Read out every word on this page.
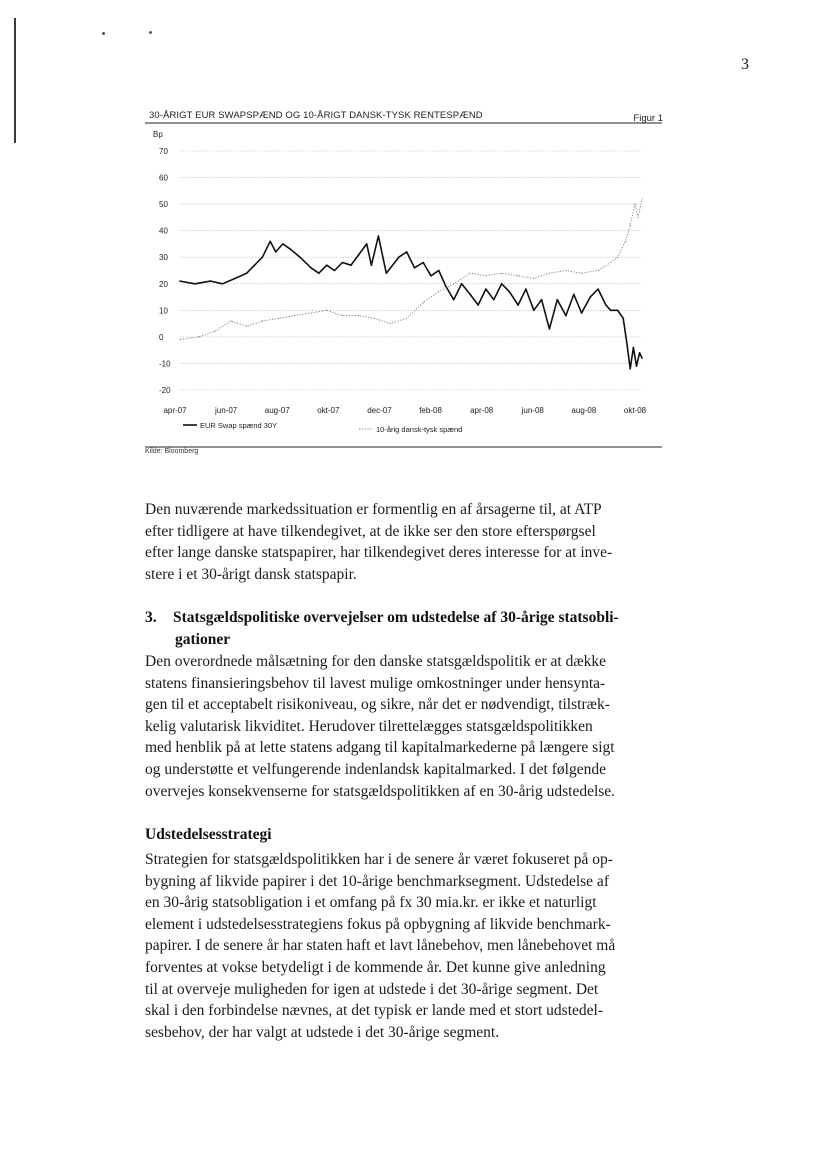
3
30-ÅRIGT EUR SWAPSPÆND OG 10-ÅRIGT DANSK-TYSK RENTESPÆND	Figur 1
Bp
70
60
50
40
30
20
10
0
-10
-20
apr-07	jun-07	aug-07	okt-07	dec-07	feb-08	apr-08	jun-08	aug-08	okt-08
EUR Swap spænd 30Y	10-årig dansk-tysk spænd
Kilde: Bloomberg
Den nuværende markedssituation er formentlig en af årsagerne til, at ATP
efter tidligere at have tilkendegivet, at de ikke ser den store efterspørgsel
efter lange danske statspapirer, har tilkendegivet deres interesse for at inve-
stere i et 30-årigt dansk statspapir.
3. Statsgældspolitiske overvejelser om udstedelse af 30-årige statsobli-
gationer
Den overordnede målsætning for den danske statsgældspolitik er at dække
statens finansieringsbehov til lavest mulige omkostninger under hensynta-
gen til et acceptabelt risikoniveau, og sikre, når det er nødvendigt, tilstræk-
kelig valutarisk likviditet. Herudover tilrettelægges statsgældspolitikken
med henblik på at lette statens adgang til kapitalmarkederne på længere sigt
og understøtte et velfungerende indenlandsk kapitalmarked. I det følgende
overvejes konsekvenserne for statsgældspolitikken af en 30-årig udstedelse.
Udstedelsesstrategi
Strategien for statsgældspolitikken har i de senere år været fokuseret på op-
bygning af likvide papirer i det 10-årige benchmarksegment. Udstedelse af
en 30-årig statsobligation i et omfang på fx 30 mia.kr. er ikke et naturligt
element i udstedelsesstrategiens fokus på opbygning af likvide benchmark-
papirer. I de senere år har staten haft et lavt lånebehov, men lånebehovet må
forventes at vokse betydeligt i de kommende år. Det kunne give anledning
til at overveje muligheden for igen at udstede i det 30-årige segment. Det
skal i den forbindelse nævnes, at det typisk er lande med et stort udstedel-
sesbehov, der har valgt at udstede i det 30-årige segment.
